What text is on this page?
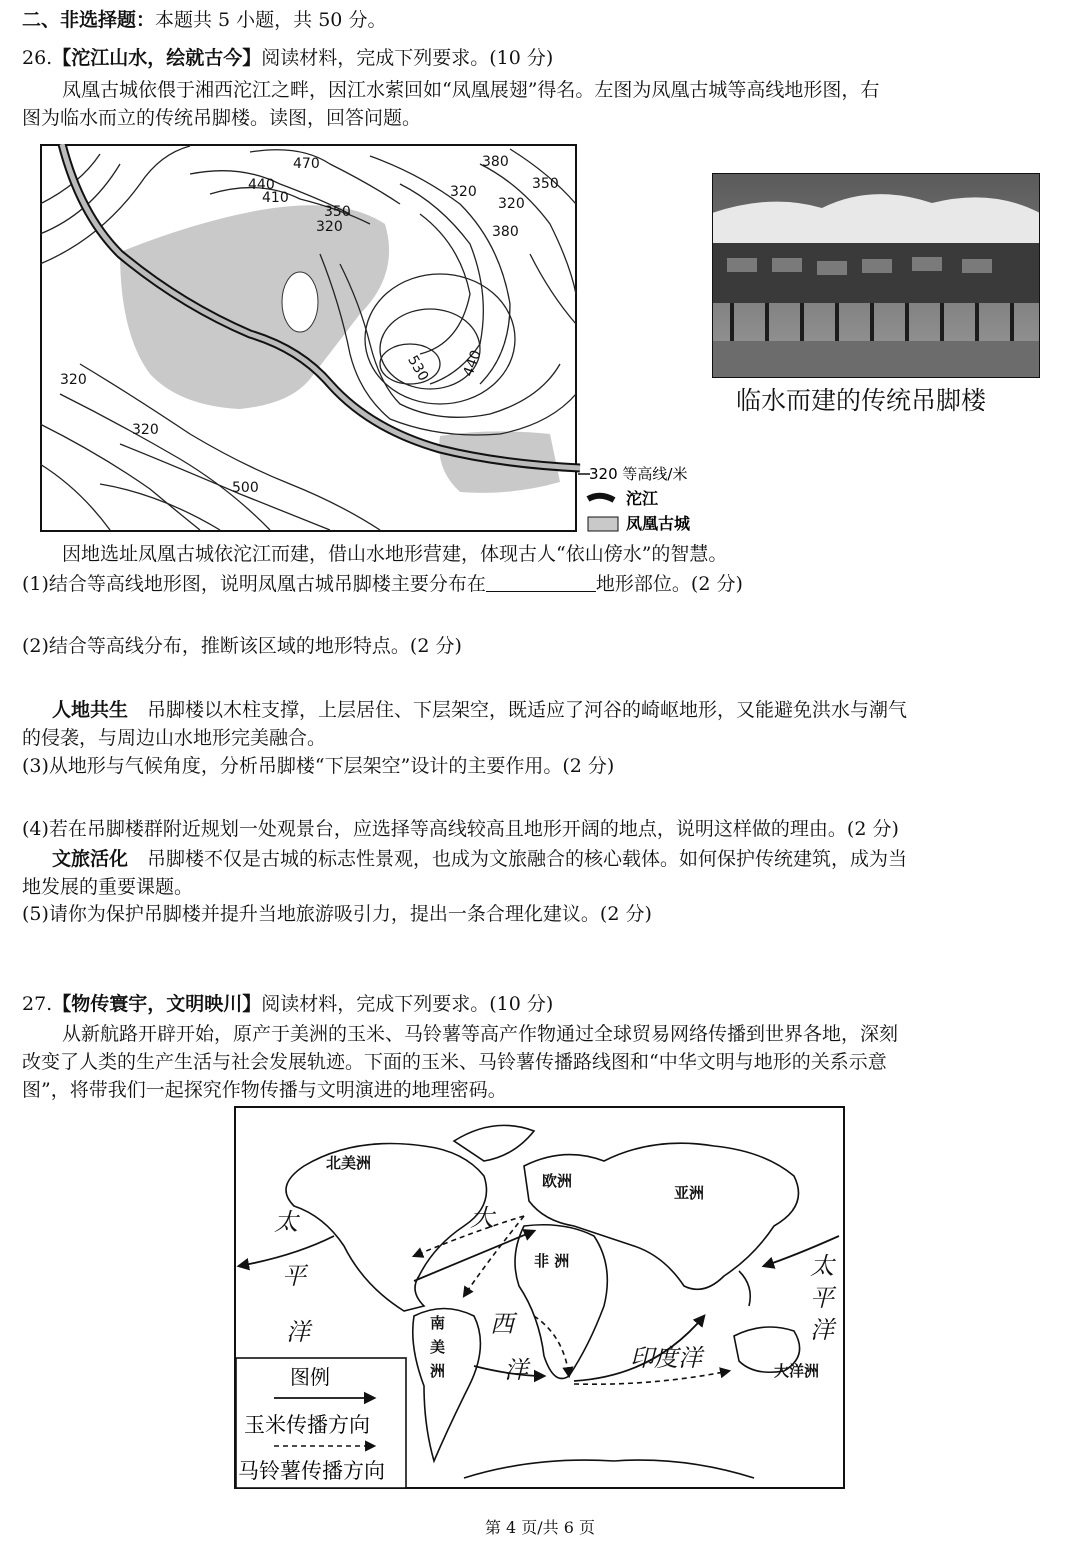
二、非选择题：本题共 5 小题，共 50 分。
26.【沱江山水，绘就古今】阅读材料，完成下列要求。(10 分)
凤凰古城依偎于湘西沱江之畔，因江水萦回如“凤凰展翅”得名。左图为凤凰古城等高线地形图，右
图为临水而立的传统吊脚楼。读图，回答问题。
470	380
440
410	320	350
350
320
320
380
530 440
320
320
500
320 等高线/米
沱江
凤凰古城
临水而建的传统吊脚楼
因地选址凤凰古城依沱江而建，借山水地形营建，体现古人“依山傍水”的智慧。
(1)结合等高线地形图，说明凤凰古城吊脚楼主要分布在	地形部位。(2 分)
(2)结合等高线分布，推断该区域的地形特点。(2 分)
人地共生　 吊脚楼以木柱支撑，上层居住、下层架空，既适应了河谷的崎岖地形，又能避免洪水与潮气
的侵袭，与周边山水地形完美融合。
(3)从地形与气候角度，分析吊脚楼“下层架空”设计的主要作用。(2 分)
(4)若在吊脚楼群附近规划一处观景台，应选择等高线较高且地形开阔的地点，说明这样做的理由。(2 分)
文旅活化　 吊脚楼不仅是古城的标志性景观，也成为文旅融合的核心载体。如何保护传统建筑，成为当
地发展的重要课题。
(5)请你为保护吊脚楼并提升当地旅游吸引力，提出一条合理化建议。(2 分)
27.【物传寰宇，文明映川】阅读材料，完成下列要求。(10 分)
从新航路开辟开始，原产于美洲的玉米、马铃薯等高产作物通过全球贸易网络传播到世界各地，深刻
改变了人类的生产生活与社会发展轨迹。下面的玉米、马铃薯传播路线图和“中华文明与地形的关系示意
图”，将带我们一起探究作物传播与文明演进的地理密码。
北美洲
欧洲
亚洲
非 洲
南
美
洲	大洋洲
大
西
洋
太
平
洋
太
平
洋
印度洋
图例
玉米传播方向
马铃薯传播方向
第 4 页/共 6 页
